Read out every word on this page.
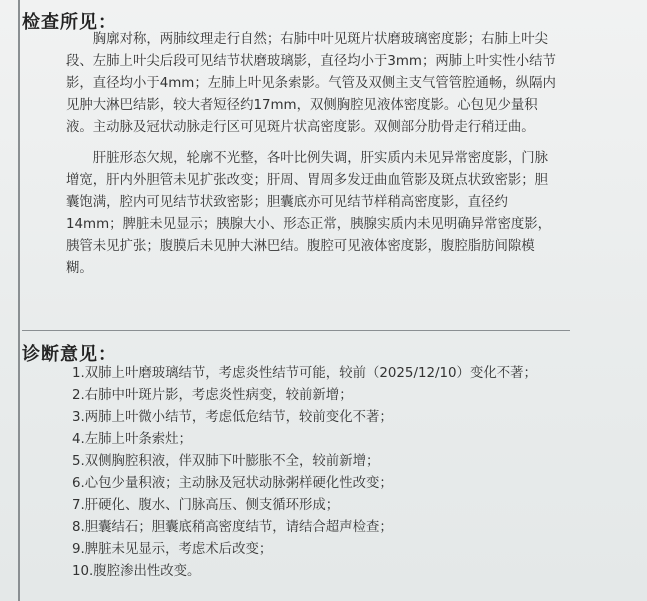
检查所见：
胸廓对称，两肺纹理走行自然；右肺中叶见斑片状磨玻璃密度影；右肺上叶尖段、左肺上叶尖后段可见结节状磨玻璃影，直径均小于3mm；两肺上叶实性小结节影，直径均小于4mm；左肺上叶见条索影。气管及双侧主支气管管腔通畅，纵隔内见肿大淋巴结影，较大者短径约17mm，双侧胸腔见液体密度影。心包见少量积液。主动脉及冠状动脉走行区可见斑片状高密度影。双侧部分肋骨走行稍迂曲。
肝脏形态欠规，轮廓不光整，各叶比例失调，肝实质内未见异常密度影，门脉增宽，肝内外胆管未见扩张改变；肝周、胃周多发迂曲血管影及斑点状致密影；胆囊饱满，腔内可见结节状致密影；胆囊底亦可见结节样稍高密度影，直径约14mm；脾脏未见显示；胰腺大小、形态正常，胰腺实质内未见明确异常密度影，胰管未见扩张；腹膜后未见肿大淋巴结。腹腔可见液体密度影，腹腔脂肪间隙模糊。
诊断意见：
1.双肺上叶磨玻璃结节，考虑炎性结节可能，较前（2025/12/10）变化不著；
2.右肺中叶斑片影，考虑炎性病变，较前新增；
3.两肺上叶微小结节，考虑低危结节，较前变化不著；
4.左肺上叶条索灶；
5.双侧胸腔积液，伴双肺下叶膨胀不全，较前新增；
6.心包少量积液；主动脉及冠状动脉粥样硬化性改变；
7.肝硬化、腹水、门脉高压、侧支循环形成；
8.胆囊结石；胆囊底稍高密度结节，请结合超声检查；
9.脾脏未见显示，考虑术后改变；
10.腹腔渗出性改变。
